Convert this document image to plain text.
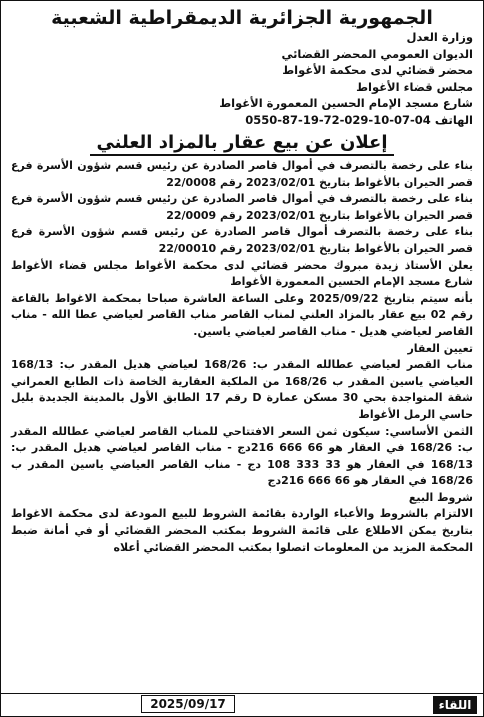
الجمهورية الجزائرية الديمقراطية الشعبية
وزارة العدل
الديوان العمومي المحضر القضائي
محضر قضائي لدى محكمة الأغواط
مجلس قضاء الأغواط
شارع مسجد الإمام الحسين المعمورة الأغواط
الهاتف 04-07-10-029-72-19-87-0550
إعلان عن بيع عقار بالمزاد العلني

بناء على رخصة بالتصرف في أموال قاصر الصادرة عن رئيس قسم شؤون الأسرة فرع قصر الحيران بالأغواط بتاريخ 2023/02/01 رقم 22/0008

بناء على رخصة بالتصرف في أموال قاصر الصادرة عن رئيس قسم شؤون الأسرة فرع قصر الحيران بالأغواط بتاريخ 2023/02/01 رقم 22/0009

بناء على رخصة بالتصرف أموال قاصر الصادرة عن رئيس قسم شؤون الأسرة فرع قصر الحيران بالأغواط بتاريخ 2023/02/01 رقم 22/00010

يعلن الأستاذ زيدة مبروك محضر قضائي لدى محكمة الأغواط مجلس قضاء الأغواط شارع مسجد الإمام الحسين المعمورة الأغواط

بأنه سيتم بتاريخ 2025/09/22 وعلى الساعة العاشرة صباحا بمحكمة الاغواط بالقاعة رقم 02 بيع عقار بالمزاد العلني لمناب القاصر مناب القاصر لعياضي عطا الله - مناب القاصر لعياضي هديل - مناب القاصر لعياضي ياسين.

تعيين العقار

مناب القصر لعياضي عطالله المقدر ب: 168/26 لعياضي هديل المقدر ب: 168/13 العياضي ياسين المقدر ب 168/26 من الملكية العقارية الخاصة ذات الطابع العمراني شقة المتواجدة بحي 30 مسكن عمارة D رقم 17 الطابق الأول بالمدينة الجديدة بليل حاسي الرمل الأغواط

الثمن الأساسي: سيكون ثمن السعر الافتتاحي للمناب القاصر لعياضي عطالله المقدر ب: 168/26 في العقار هو 66 666 216دج - مناب القاصر لعياضي هديل المقدر ب: 168/13 في العقار هو 33 333 108 دج - مناب القاصر العياضي ياسين المقدر ب 168/26 في العقار هو 66 666 216دج

شروط البيع

الالتزام بالشروط والأعباء الواردة بقائمة الشروط للبيع المودعة لدى محكمة الاغواط بتاريخ يمكن الاطلاع على قائمة الشروط بمكتب المحضر القضائي أو في أمانة ضبط المحكمة المزيد من المعلومات اتصلوا بمكتب المحضر القضائي أعلاه

2025/09/17	اللقاء
